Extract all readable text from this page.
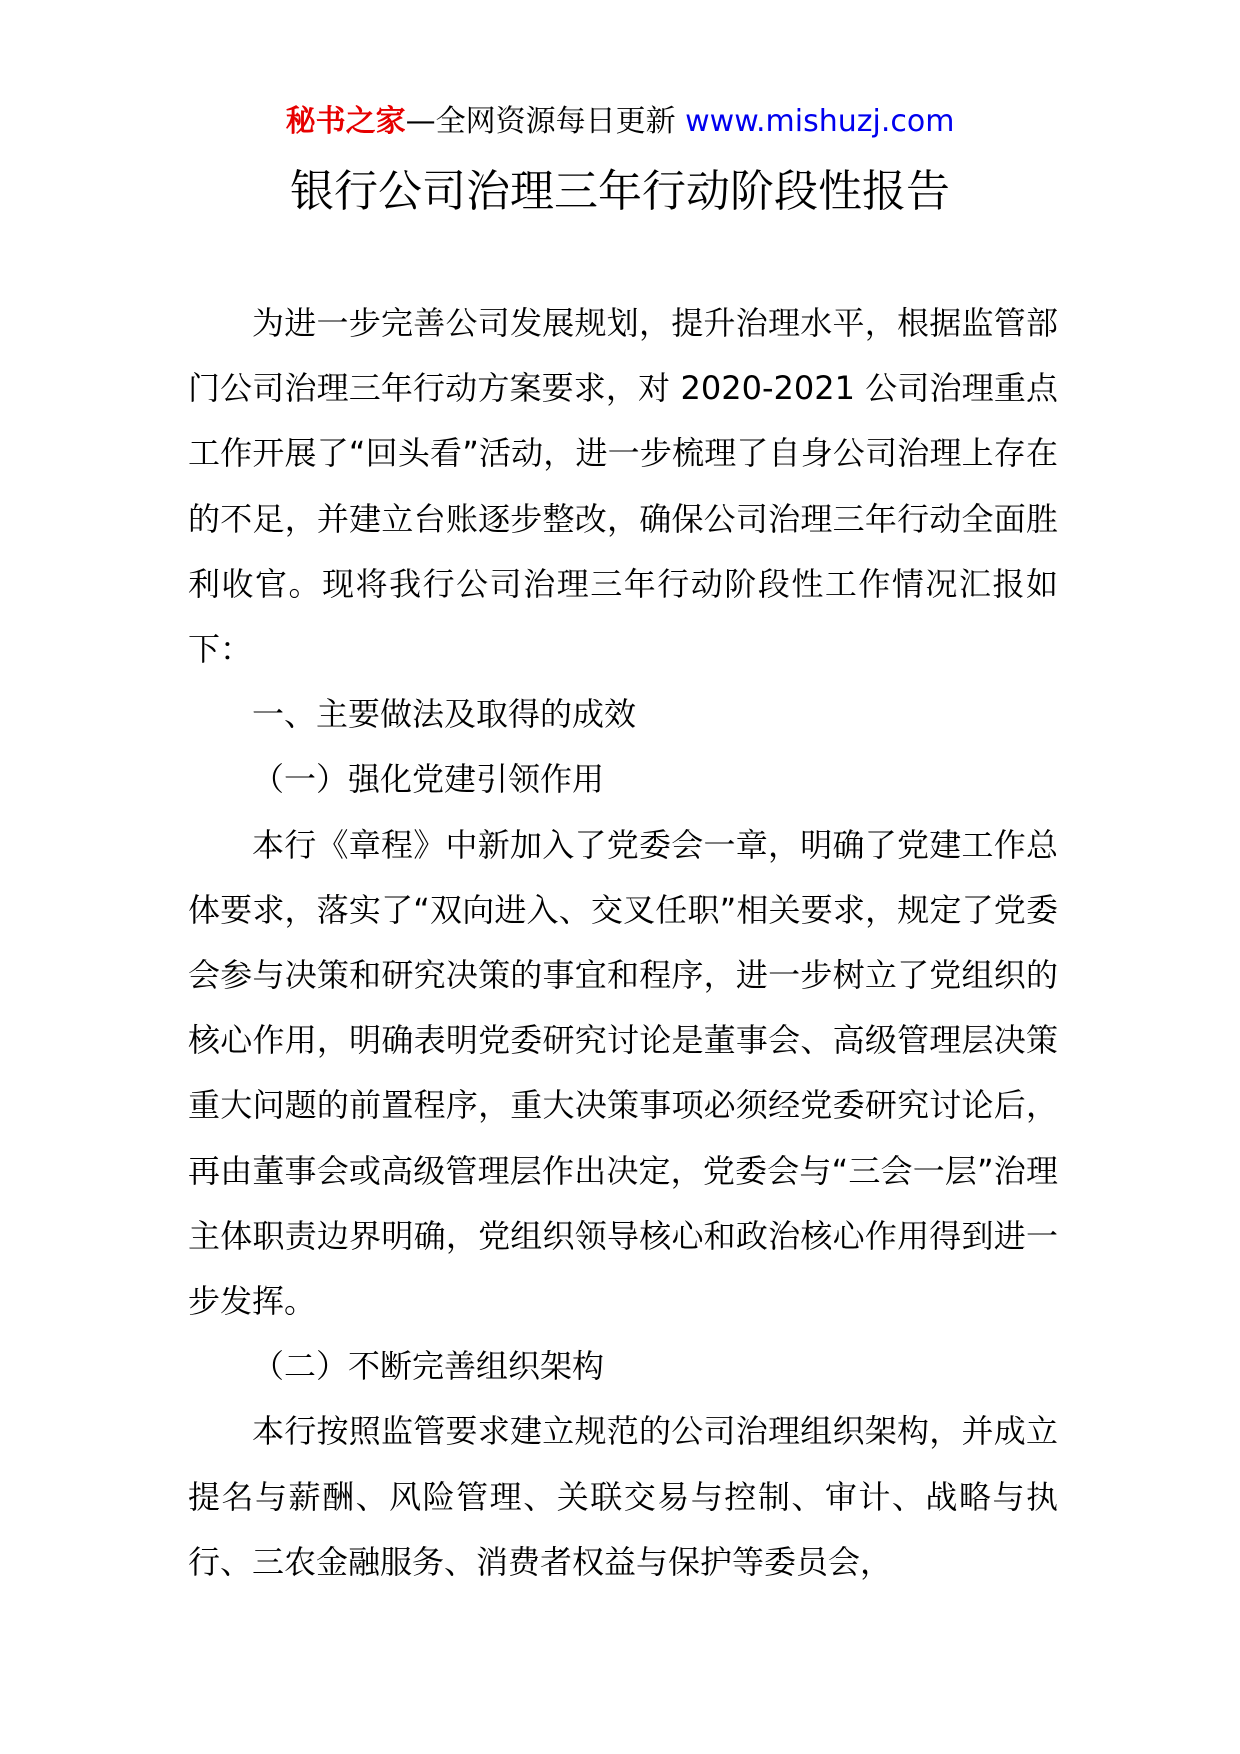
秘书之家—全网资源每日更新 www.mishuzj.com
银行公司治理三年行动阶段性报告

为进一步完善公司发展规划，提升治理水平，根据监管部门公司治理三年行动方案要求，对 2020-2021 公司治理重点工作开展了“回头看”活动，进一步梳理了自身公司治理上存在的不足，并建立台账逐步整改，确保公司治理三年行动全面胜利收官。现将我行公司治理三年行动阶段性工作情况汇报如下：

一、主要做法及取得的成效

（一）强化党建引领作用

本行《章程》中新加入了党委会一章，明确了党建工作总体要求，落实了“双向进入、交叉任职”相关要求，规定了党委会参与决策和研究决策的事宜和程序，进一步树立了党组织的核心作用，明确表明党委研究讨论是董事会、高级管理层决策重大问题的前置程序，重大决策事项必须经党委研究讨论后，再由董事会或高级管理层作出决定，党委会与“三会一层”治理主体职责边界明确，党组织领导核心和政治核心作用得到进一步发挥。

（二）不断完善组织架构

本行按照监管要求建立规范的公司治理组织架构，并成立提名与薪酬、风险管理、关联交易与控制、审计、战略与执行、三农金融服务、消费者权益与保护等委员会，
